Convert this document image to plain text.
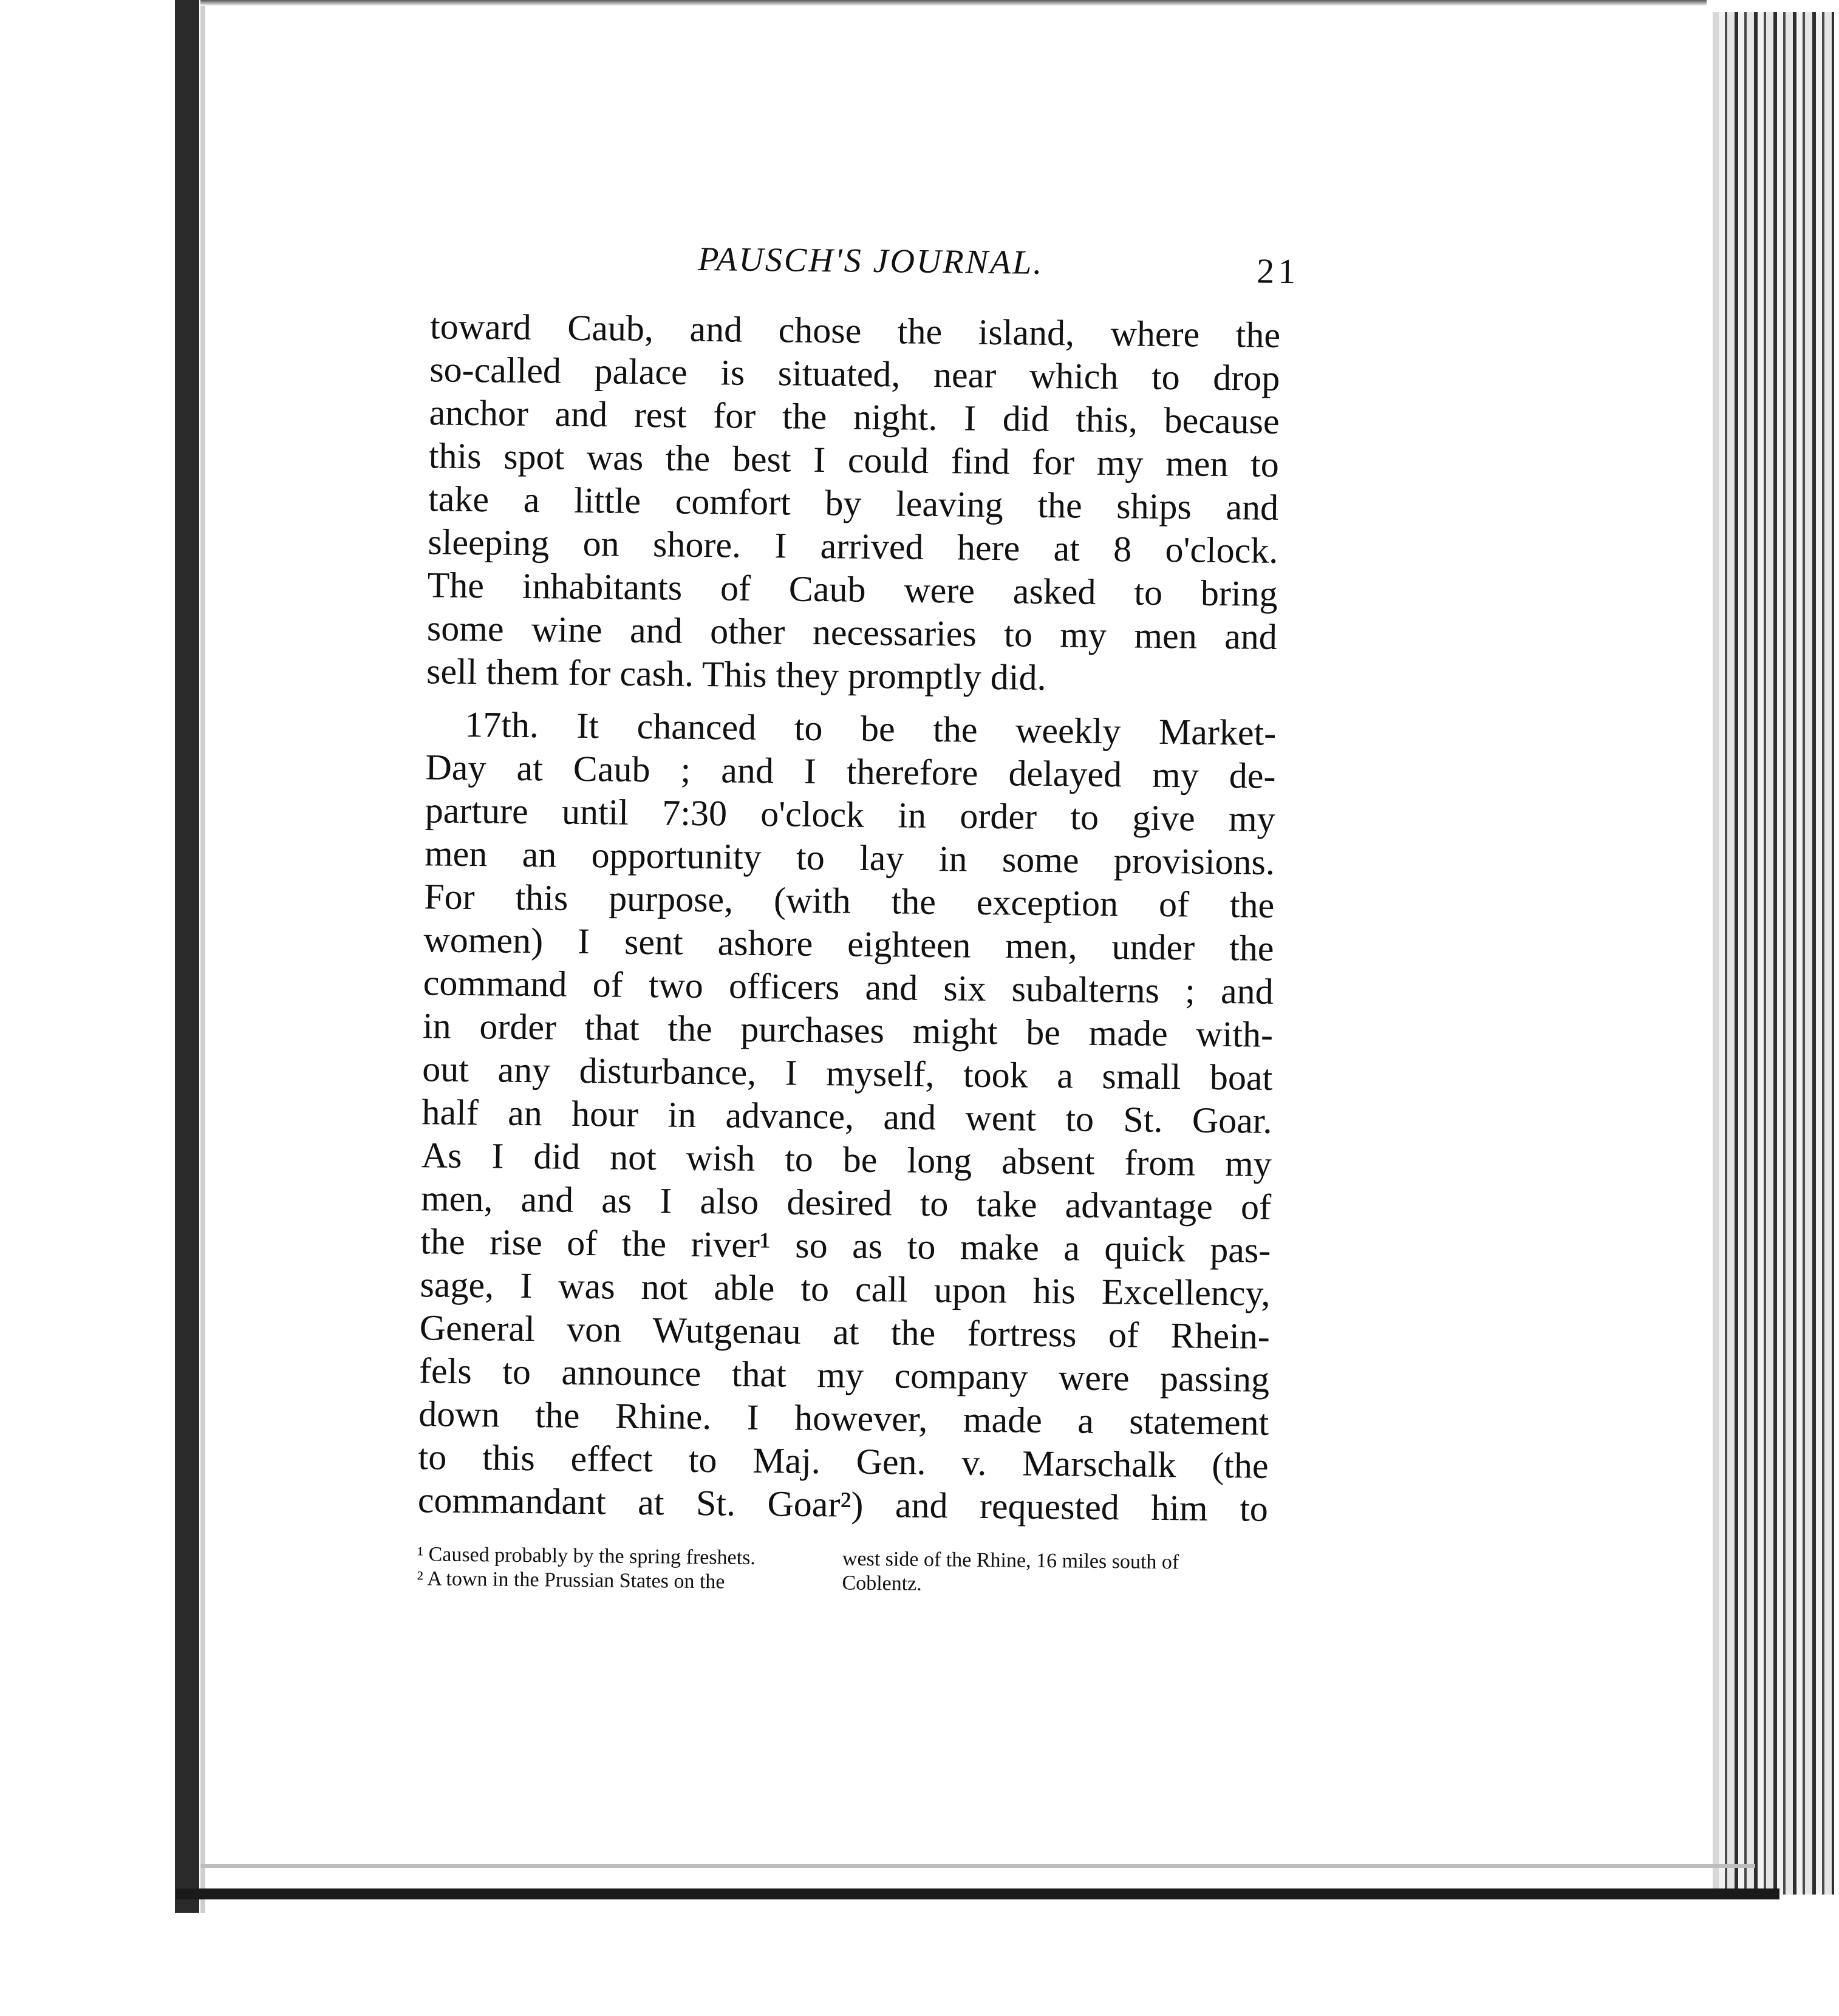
PAUSCH'S JOURNAL.	21
toward Caub, and chose the island, where the
so-called palace is situated, near which to drop
anchor and rest for the night. I did this, because
this spot was the best I could find for my men to
take a little comfort by leaving the ships and
sleeping on shore. I arrived here at 8 o'clock.
The inhabitants of Caub were asked to bring
some wine and other necessaries to my men and
sell them for cash. This they promptly did.
17th. It chanced to be the weekly Market-
Day at Caub ; and I therefore delayed my de-
parture until 7:30 o'clock in order to give my
men an opportunity to lay in some provisions.
For this purpose, (with the exception of the
women) I sent ashore eighteen men, under the
command of two officers and six subalterns ; and
in order that the purchases might be made with-
out any disturbance, I myself, took a small boat
half an hour in advance, and went to St. Goar.
As I did not wish to be long absent from my
men, and as I also desired to take advantage of
the rise of the river¹ so as to make a quick pas-
sage, I was not able to call upon his Excellency,
General von Wutgenau at the fortress of Rhein-
fels to announce that my company were passing
down the Rhine. I however, made a statement
to this effect to Maj. Gen. v. Marschalk (the
commandant at St. Goar²) and requested him to
¹ Caused probably by the spring freshets.
² A town in the Prussian States on the
west side of the Rhine, 16 miles south of
Coblentz.
